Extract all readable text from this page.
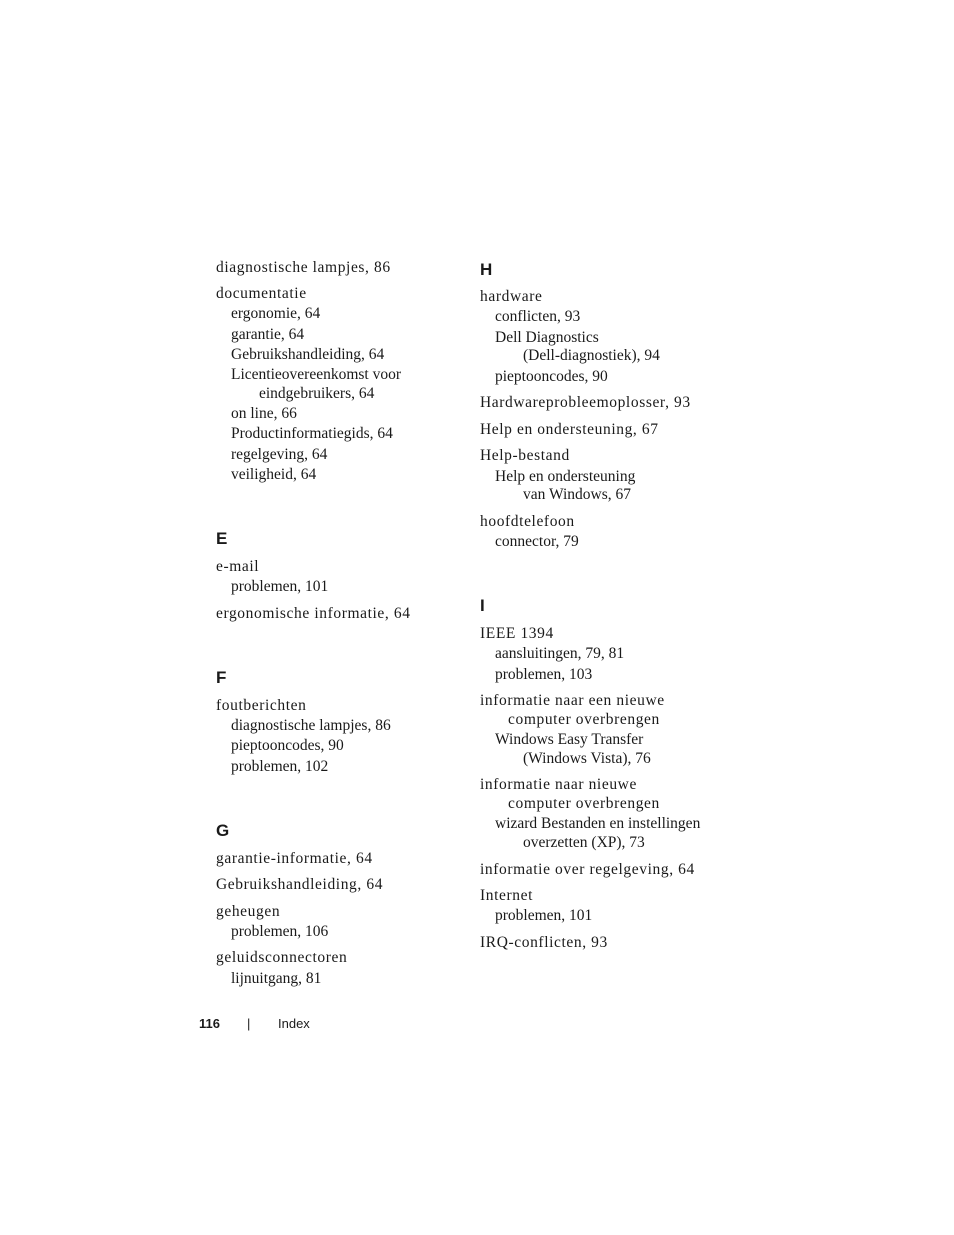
diagnostische lampjes, 86
documentatie
ergonomie, 64
garantie, 64
Gebruikshandleiding, 64
Licentieovereenkomst voor
eindgebruikers, 64
on line, 66
Productinformatiegids, 64
regelgeving, 64
veiligheid, 64
E
e-mail
problemen, 101
ergonomische informatie, 64
F
foutberichten
diagnostische lampjes, 86
pieptooncodes, 90
problemen, 102
G
garantie-informatie, 64
Gebruikshandleiding, 64
geheugen
problemen, 106
geluidsconnectoren
lijnuitgang, 81
H
hardware
conflicten, 93
Dell Diagnostics
(Dell-diagnostiek), 94
pieptooncodes, 90
Hardwareprobleemoplosser, 93
Help en ondersteuning, 67
Help-bestand
Help en ondersteuning
van Windows, 67
hoofdtelefoon
connector, 79
I
IEEE 1394
aansluitingen, 79, 81
problemen, 103
informatie naar een nieuwe
computer overbrengen
Windows Easy Transfer
(Windows Vista), 76
informatie naar nieuwe
computer overbrengen
wizard Bestanden en instellingen
overzetten (XP), 73
informatie over regelgeving, 64
Internet
problemen, 101
IRQ-conflicten, 93
116 | Index
